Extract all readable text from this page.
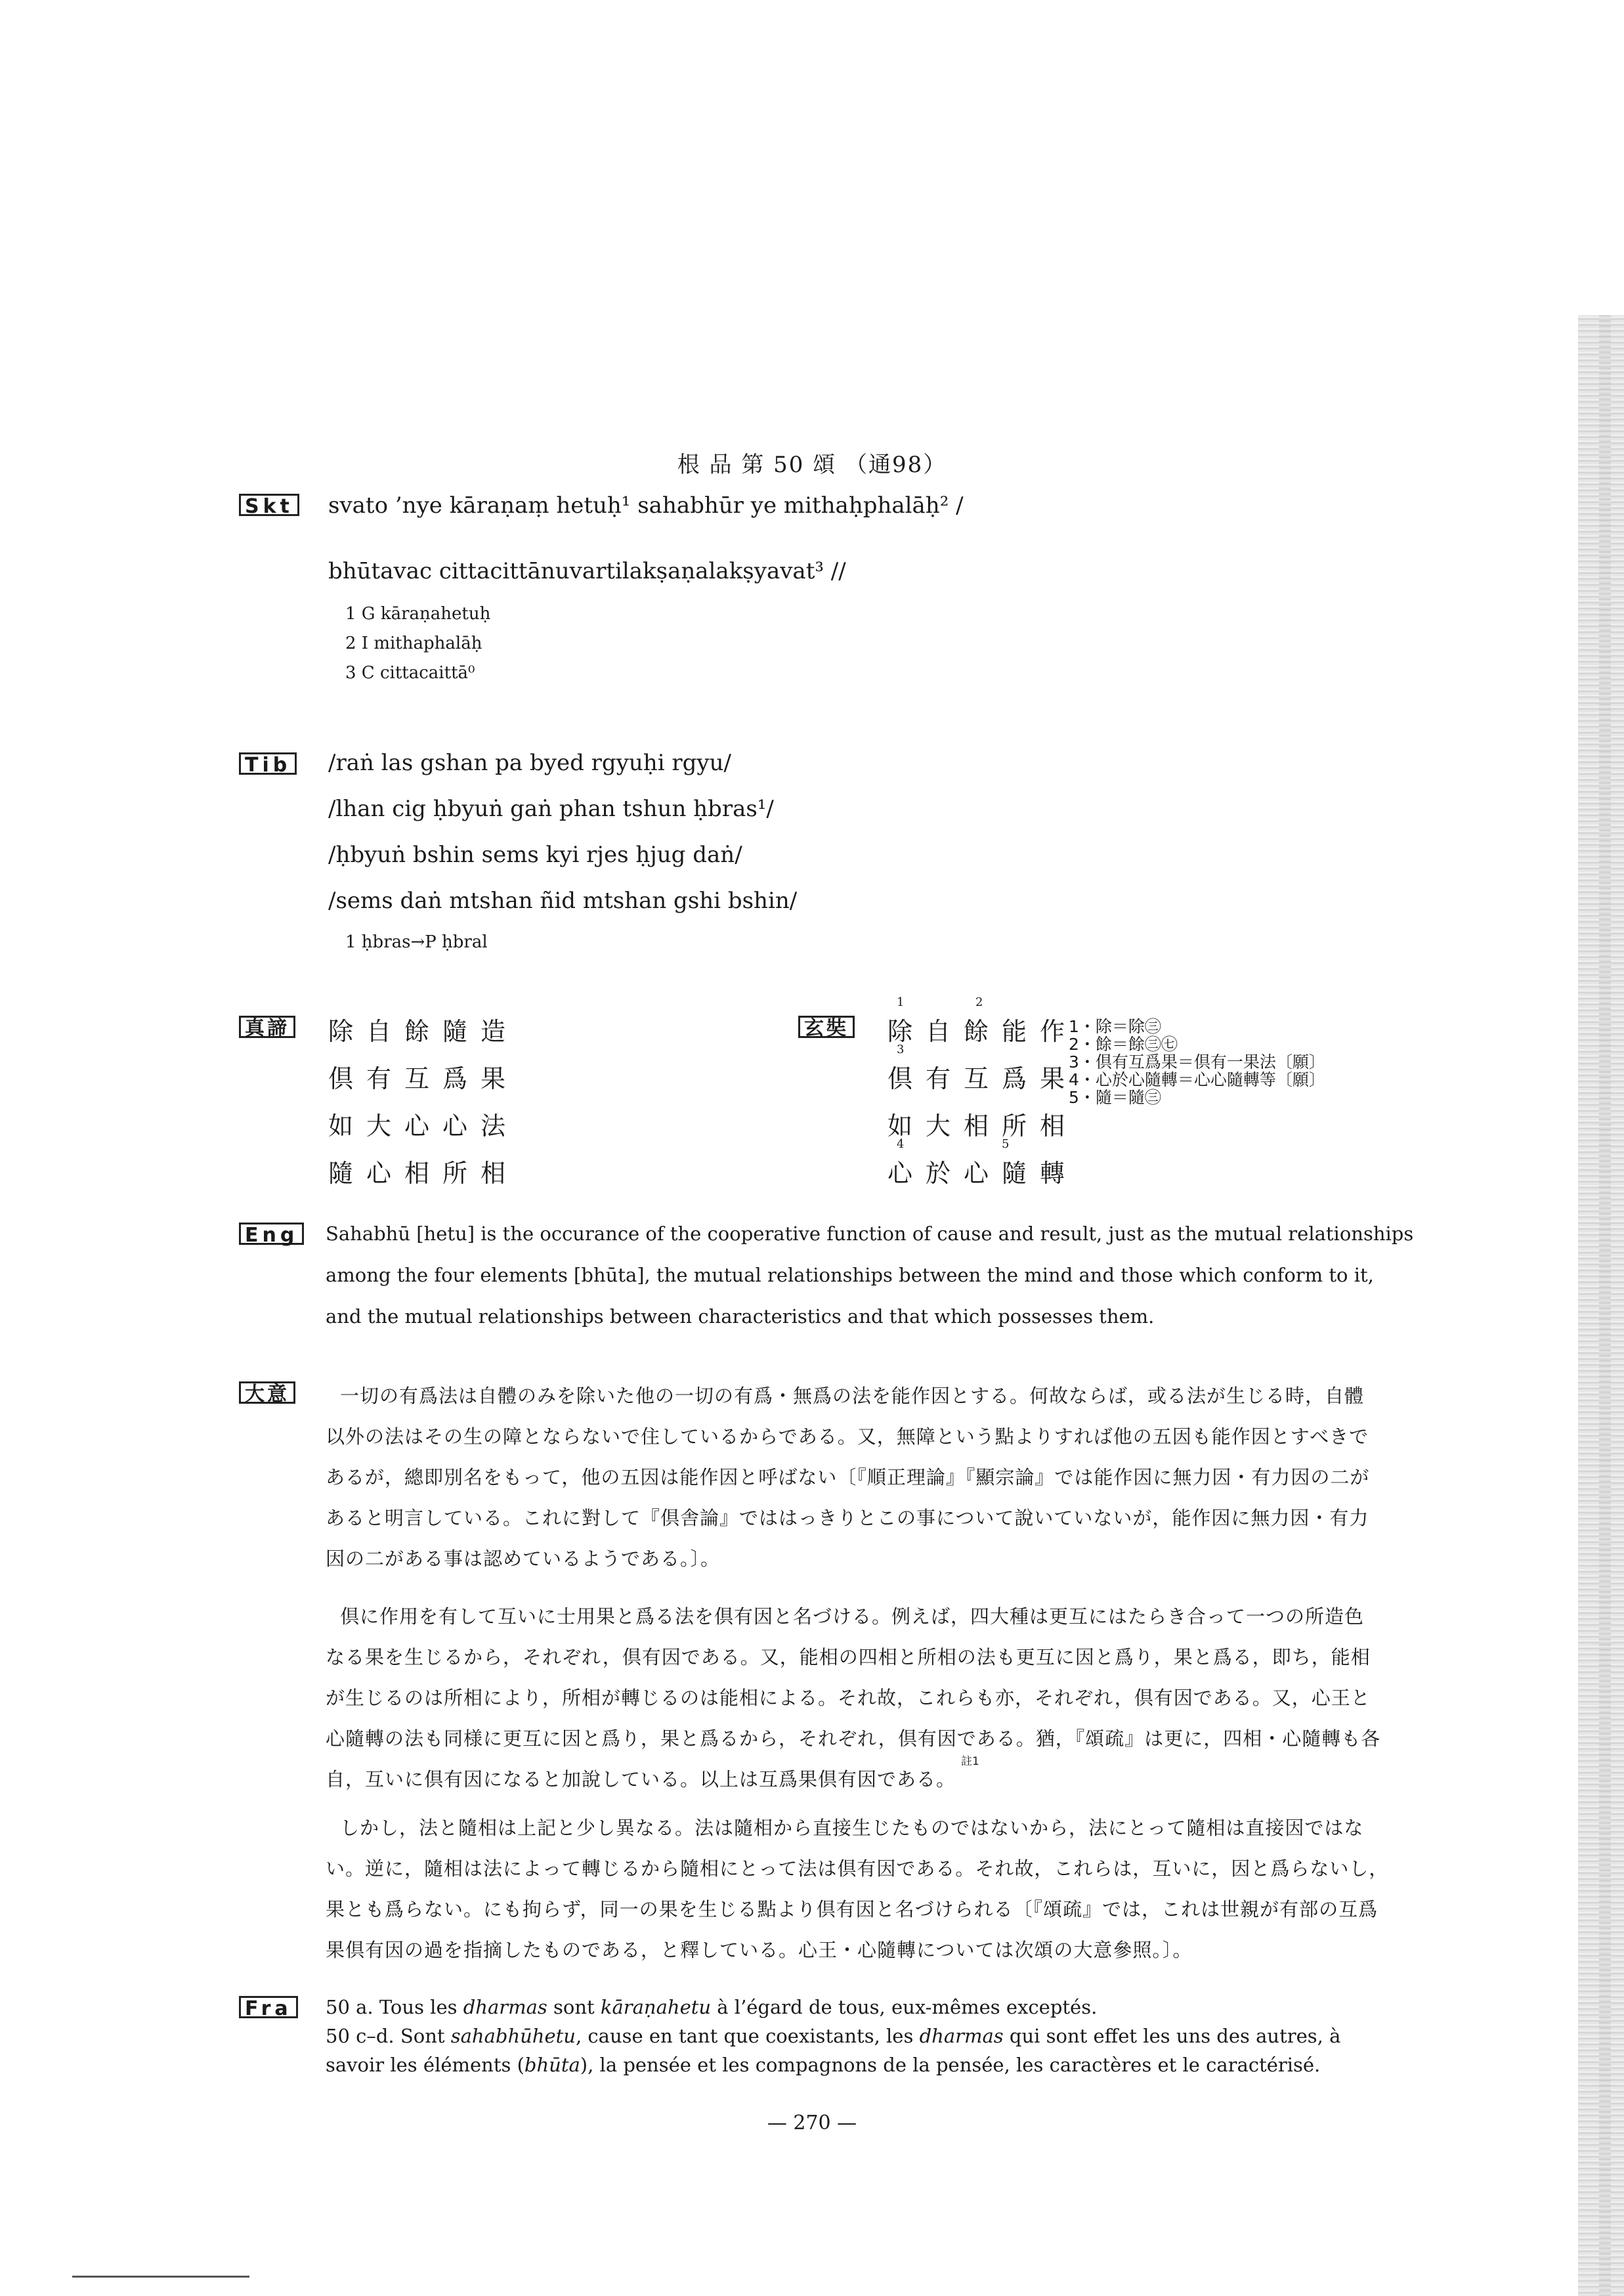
根 品 第 50 頌 （通98）
Skt svato ’nye kāraṇaṃ hetuḥ¹ sahabhūr ye mithaḥphalāḥ² /
bhūtavac cittacittānuvartilakṣaṇalakṣyavat³ //
1 G kāraṇahetuḥ
2 I mithaphalāḥ
3 C cittacaittā⁰
Tib /raṅ las gshan pa byed rgyuḥi rgyu/
/lhan cig ḥbyuṅ gaṅ phan tshun ḥbras¹/
/ḥbyuṅ bshin sems kyi rjes ḥjug daṅ/
/sems daṅ mtshan ñid mtshan gshi bshin/
1 ḥbras→P ḥbral
真諦 除自餘隨造
倶有互爲果
如大心心法
隨心相所相
玄奘 除自餘能作
倶有互爲果
如大相所相
心於心隨轉
1	2
3
4	5
1・除＝除㊂
2・餘＝餘㊂㊆
3・倶有互爲果＝倶有一果法〔願〕
4・心於心隨轉＝心心隨轉等〔願〕
5・隨＝隨㊂
Eng	Sahabhū [hetu] is the occurance of the cooperative function of cause and result, just as the mutual relationships
among the four elements [bhūta], the mutual relationships between the mind and those which conform to it,
and the mutual relationships between characteristics and that which possesses them.
大意	一切の有爲法は自體のみを除いた他の一切の有爲・無爲の法を能作因とする。何故ならば，或る法が生じる時，自體
以外の法はその生の障とならないで住しているからである。又，無障という點よりすれば他の五因も能作因とすべきで
あるが，總即別名をもって，他の五因は能作因と呼ばない〔『順正理論』『顯宗論』では能作因に無力因・有力因の二が
あると明言している。これに對して『倶舎論』でははっきりとこの事について說いていないが，能作因に無力因・有力
因の二がある事は認めているようである。〕。
倶に作用を有して互いに士用果と爲る法を倶有因と名づける。例えば，四大種は更互にはたらき合って一つの所造色
なる果を生じるから，それぞれ，倶有因である。又，能相の四相と所相の法も更互に因と爲り，果と爲る，即ち，能相
が生じるのは所相により，所相が轉じるのは能相による。それ故，これらも亦，それぞれ，倶有因である。又，心王と
心隨轉の法も同様に更互に因と爲り，果と爲るから，それぞれ，倶有因である。猶，『頌疏』は更に，四相・心隨轉も各
自，互いに倶有因になると加說している。以上は互爲果倶有因である。
註1
しかし，法と隨相は上記と少し異なる。法は隨相から直接生じたものではないから，法にとって隨相は直接因ではな
い。逆に，隨相は法によって轉じるから隨相にとって法は倶有因である。それ故，これらは，互いに，因と爲らないし，
果とも爲らない。にも拘らず，同一の果を生じる點より倶有因と名づけられる〔『頌疏』では，これは世親が有部の互爲
果倶有因の過を指摘したものである，と釋している。心王・心隨轉については次頌の大意參照。〕。
Fra	50 a. Tous les dharmas sont kāraṇahetu à l’égard de tous, eux-mêmes exceptés.
50 c–d. Sont sahabhūhetu, cause en tant que coexistants, les dharmas qui sont effet les uns des autres, à
savoir les éléments (bhūta), la pensée et les compagnons de la pensée, les caractères et le caractérisé.
— 270 —
